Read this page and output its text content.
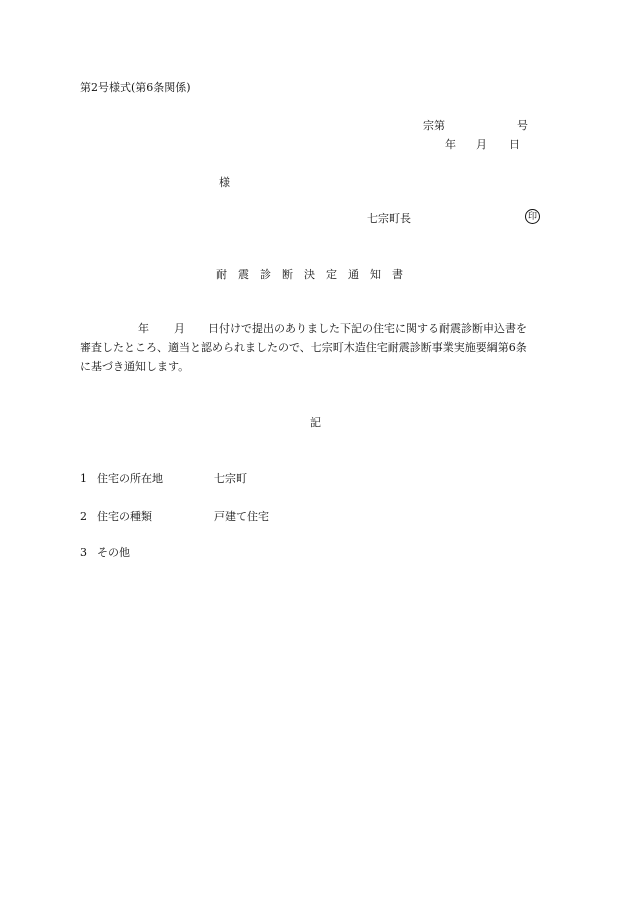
第2号様式(第6条関係)
宗第	号
年 月 日
様
七宗町長	印
耐震診断決定通知書
年 月 日付けで提出のありました下記の住宅に関する耐震診断申込書を
審査したところ、適当と認められましたので、七宗町木造住宅耐震診断事業実施要綱第6条
に基づき通知します。
記
1 住宅の所在地	七宗町
2 住宅の種類	戸建て住宅
3 その他
